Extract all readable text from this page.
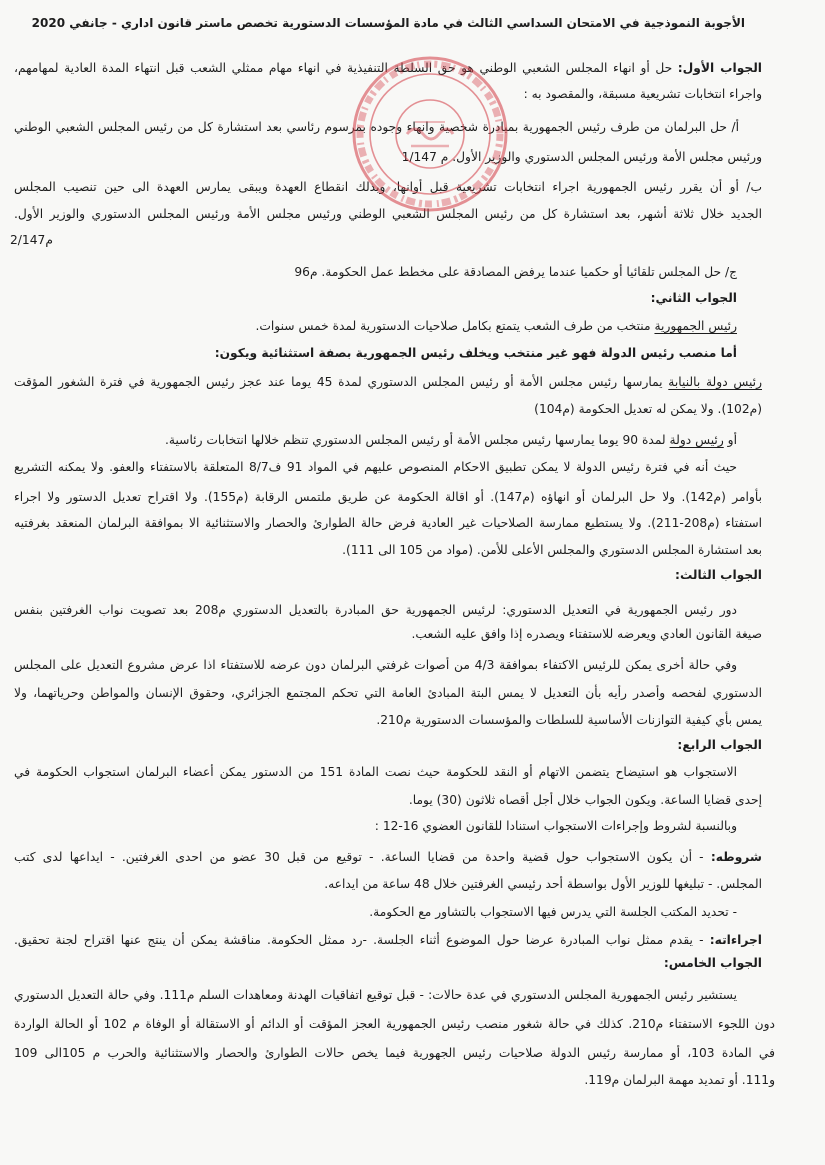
الأجوبة النموذجية في الامتحان السداسي الثالث في مادة المؤسسات الدستورية تخصص ماستر قانون اداري - جانفي 2020
الجواب الأول: حل أو انهاء المجلس الشعبي الوطني هو حق السلطة التنفيذية في انهاء مهام ممثلي الشعب قبل انتهاء المدة العادية لمهامهم،
واجراء انتخابات تشريعية مسبقة، والمقصود به :
أ/ حل البرلمان من طرف رئيس الجمهورية بمبادرة شخصية وانهاء وجوده بمرسوم رئاسي بعد استشارة كل من رئيس المجلس الشعبي الوطني
ورئيس مجلس الأمة ورئيس المجلس الدستوري والوزير الأول. م 1/147
ب/ أو أن يقرر رئيس الجمهورية اجراء انتخابات تشريعية قبل أوانها، وبذلك انقطاع العهدة ويبقى يمارس العهدة الى حين تنصيب المجلس
الجديد خلال ثلاثة أشهر، بعد استشارة كل من رئيس المجلس الشعبي الوطني ورئيس مجلس الأمة ورئيس المجلس الدستوري والوزير الأول.
م2/147
ج/ حل المجلس تلقائيا أو حكميا عندما يرفض المصادقة على مخطط عمل الحكومة. م96
الجواب الثاني:
رئيس الجمهورية منتخب من طرف الشعب يتمتع بكامل صلاحيات الدستورية لمدة خمس سنوات.
أما منصب رئيس الدولة فهو غير منتخب ويخلف رئيس الجمهورية بصفة استثنائية ويكون:
رئيس دولة بالنيابة يمارسها رئيس مجلس الأمة أو رئيس المجلس الدستوري لمدة 45 يوما عند عجز رئيس الجمهورية في فترة الشغور المؤقت
(م102). ولا يمكن له تعديل الحكومة (م104)
أو رئيس دولة لمدة 90 يوما يمارسها رئيس مجلس الأمة أو رئيس المجلس الدستوري تنظم خلالها انتخابات رئاسية.
حيث أنه في فترة رئيس الدولة لا يمكن تطبيق الاحكام المنصوص عليهم في المواد 91 ف8/7 المتعلقة بالاستفتاء والعفو. ولا يمكنه التشريع
بأوامر (م142). ولا حل البرلمان أو انهاؤه (م147). أو اقالة الحكومة عن طريق ملتمس الرقابة (م155). ولا اقتراح تعديل الدستور ولا اجراء
استفتاء (م208-211). ولا يستطيع ممارسة الصلاحيات غير العادية فرض حالة الطوارئ والحصار والاستثنائية الا بموافقة البرلمان المنعقد بغرفتيه
بعد استشارة المجلس الدستوري والمجلس الأعلى للأمن. (مواد من 105 الى 111).
الجواب الثالث:
دور رئيس الجمهورية في التعديل الدستوري: لرئيس الجمهورية حق المبادرة بالتعديل الدستوري م208 بعد تصويت نواب الغرفتين بنفس
صيغة القانون العادي ويعرضه للاستفتاء ويصدره إذا وافق عليه الشعب.
وفي حالة أخرى يمكن للرئيس الاكتفاء بموافقة 4/3 من أصوات غرفتي البرلمان دون عرضه للاستفتاء اذا عرض مشروع التعديل على المجلس
الدستوري لفحصه وأصدر رأيه بأن التعديل لا يمس البتة المبادئ العامة التي تحكم المجتمع الجزائري، وحقوق الإنسان والمواطن وحرياتهما، ولا
يمس بأي كيفية التوازنات الأساسية للسلطات والمؤسسات الدستورية م210.
الجواب الرابع:
الاستجواب هو استيضاح يتضمن الاتهام أو النقد للحكومة حيث نصت المادة 151 من الدستور يمكن أعضاء البرلمان استجواب الحكومة في
إحدى قضايا الساعة. ويكون الجواب خلال أجل أقصاه ثلاثون (30) يوما.
وبالنسبة لشروط وإجراءات الاستجواب استنادا للقانون العضوي 16-12 :
شروطه: - أن يكون الاستجواب حول قضية واحدة من قضايا الساعة. - توقيع من قبل 30 عضو من احدى الغرفتين. - ايداعها لدى كتب
المجلس. - تبليغها للوزير الأول بواسطة أحد رئيسي الغرفتين خلال 48 ساعة من ايداعه.
- تحديد المكتب الجلسة التي يدرس فيها الاستجواب بالتشاور مع الحكومة.
اجراءاته: - يقدم ممثل نواب المبادرة عرضا حول الموضوع أثناء الجلسة. -رد ممثل الحكومة. مناقشة يمكن أن ينتج عنها اقتراح لجنة تحقيق.
الجواب الخامس:
يستشير رئيس الجمهورية المجلس الدستوري في عدة حالات: - قبل توقيع اتفاقيات الهدنة ومعاهدات السلم م111. وفي حالة التعديل الدستوري
دون اللجوء الاستفتاء م210. كذلك في حالة شغور منصب رئيس الجمهورية العجز المؤقت أو الدائم أو الاستقالة أو الوفاة م 102 أو الحالة الواردة
في المادة 103، أو ممارسة رئيس الدولة صلاحيات رئيس الجهورية فيما يخص حالات الطوارئ والحصار والاستثنائية والحرب م 105الى 109
و111. أو تمديد مهمة البرلمان م119.
